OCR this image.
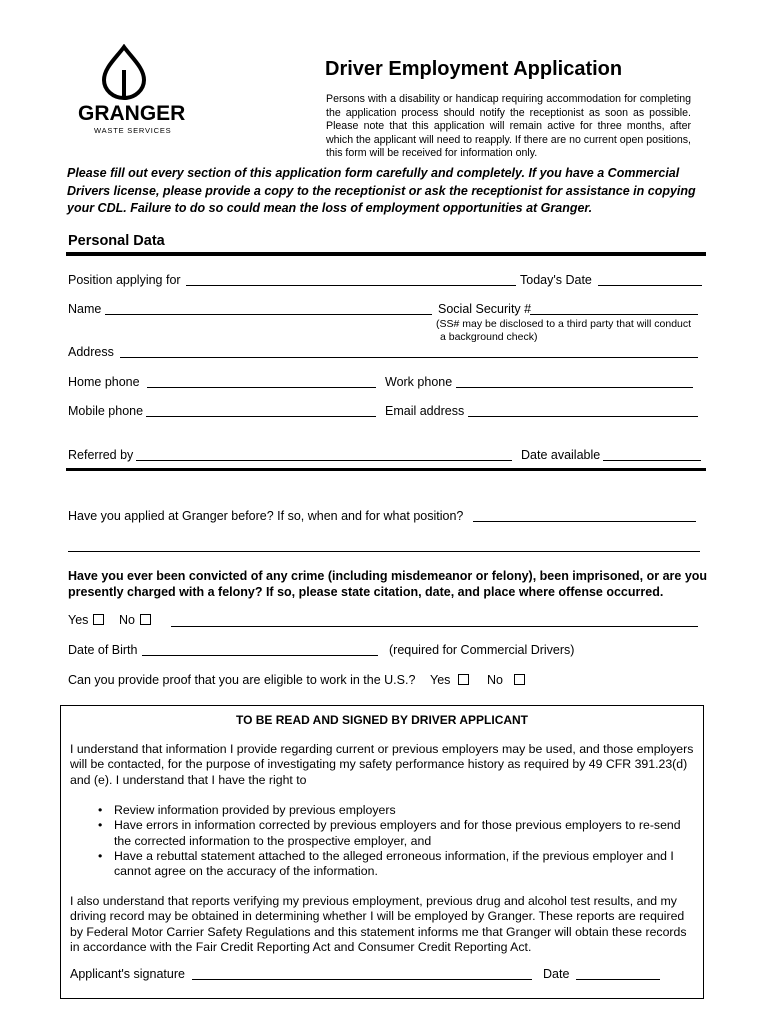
GRANGER
WASTE SERVICES
Driver Employment Application
Persons with a disability or handicap requiring accommodation for completing the application process should notify the receptionist as soon as possible. Please note that this application will remain active for three months, after which the applicant will need to reapply. If there are no current open positions, this form will be received for information only.
Please fill out every section of this application form carefully and completely. If you have a Commercial Drivers license, please provide a copy to the receptionist or ask the receptionist for assistance in copying your CDL. Failure to do so could mean the loss of employment opportunities at Granger.
Personal Data
Position applying for	Today's Date
Name	Social Security #
(SS# may be disclosed to a third party that will conduct
a background check)
Address
Home phone	Work phone
Mobile phone	Email address
Referred by	Date available
Have you applied at Granger before? If so, when and for what position?
Have you ever been convicted of any crime (including misdemeanor or felony), been imprisoned, or are you presently charged with a felony? If so, please state citation, date, and place where offense occurred.
Yes	No
Date of Birth	(required for Commercial Drivers)
Can you provide proof that you are eligible to work in the U.S.? Yes	No
TO BE READ AND SIGNED BY DRIVER APPLICANT
I understand that information I provide regarding current or previous employers may be used, and those employers will be contacted, for the purpose of investigating my safety performance history as required by 49 CFR 391.23(d) and (e). I understand that I have the right to
• Review information provided by previous employers
• Have errors in information corrected by previous employers and for those previous employers to re-send the corrected information to the prospective employer, and
• Have a rebuttal statement attached to the alleged erroneous information, if the previous employer and I cannot agree on the accuracy of the information.
I also understand that reports verifying my previous employment, previous drug and alcohol test results, and my driving record may be obtained in determining whether I will be employed by Granger. These reports are required by Federal Motor Carrier Safety Regulations and this statement informs me that Granger will obtain these records in accordance with the Fair Credit Reporting Act and Consumer Credit Reporting Act.
Applicant's signature	Date
